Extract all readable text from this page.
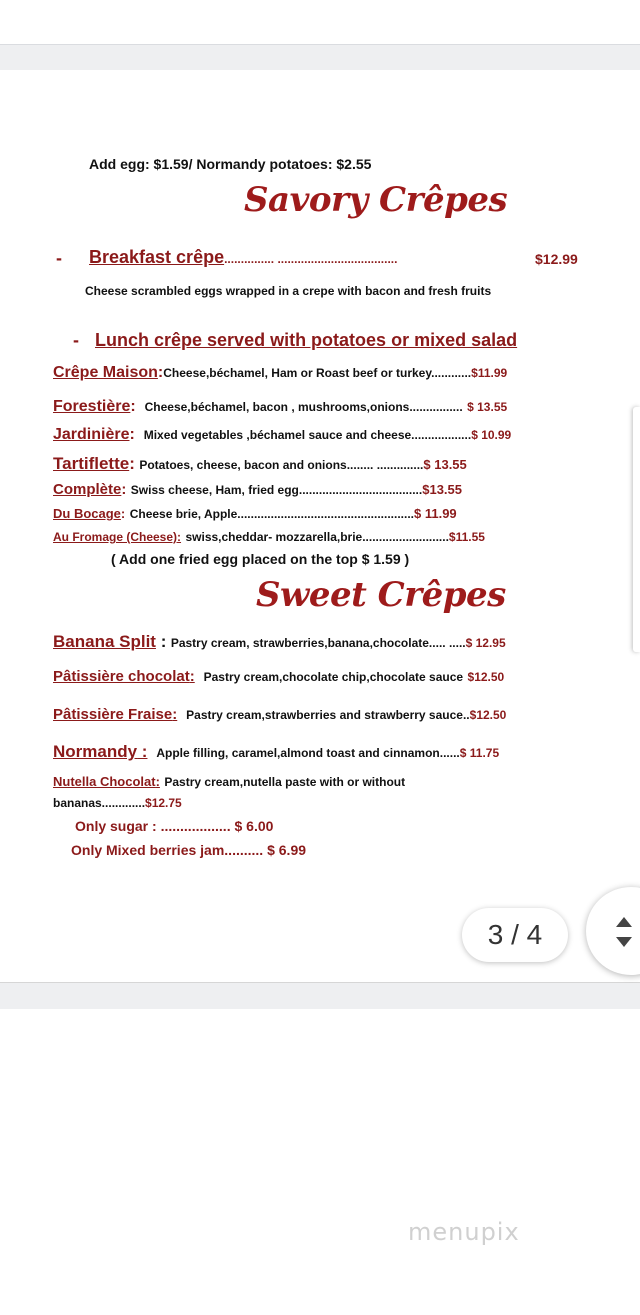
Add egg: $1.59/ Normandy potatoes: $2.55
Savory Crêpes
- Breakfast crêpe............... ....................................	$12.99
Cheese scrambled eggs wrapped in a crepe with bacon and fresh fruits
- Lunch crêpe served with potatoes or mixed salad
Crêpe Maison:Cheese,béchamel, Ham or Roast beef or turkey............$11.99
Forestière: Cheese,béchamel, bacon , mushrooms,onions................ $ 13.55
Jardinière: Mixed vegetables ,béchamel sauce and cheese..................$ 10.99
Tartiflette: Potatoes, cheese, bacon and onions........ ..............$ 13.55
Complète: Swiss cheese, Ham, fried egg.....................................$13.55
Du Bocage: Cheese brie, Apple.....................................................$ 11.99
Au Fromage (Cheese): swiss,cheddar- mozzarella,brie..........................$11.55
( Add one fried egg placed on the top $ 1.59 )
Sweet Crêpes
Banana Split : Pastry cream, strawberries,banana,chocolate..... .....$ 12.95
Pâtissière chocolat: Pastry cream,chocolate chip,chocolate sauce $12.50
Pâtissière Fraise: Pastry cream,strawberries and strawberry sauce..$12.50
Normandy : Apple filling, caramel,almond toast and cinnamon......$ 11.75
Nutella Chocolat: Pastry cream,nutella paste with or without
bananas.............$12.75
Only sugar : .................. $ 6.00
Only Mixed berries jam.......... $ 6.99
3 / 4
menupix
